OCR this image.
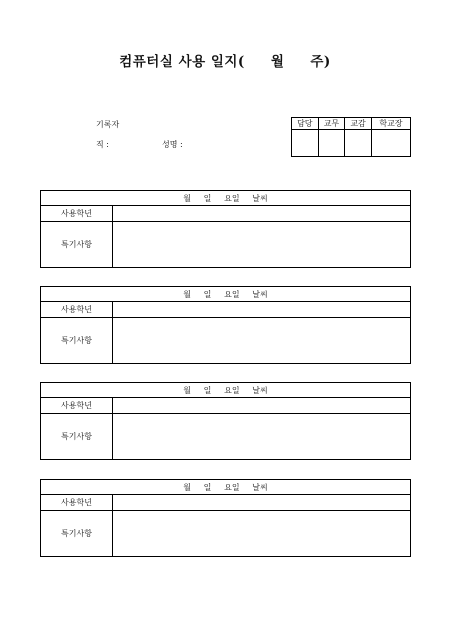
컴퓨터실 사용 일지(     월     주)
기록자
직 :	성명 :
담당	교무	교감	학교장

월     일     요일     날씨	
사용학년	
특기사항	
월     일     요일     날씨	
사용학년	
특기사항	
월     일     요일     날씨	
사용학년	
특기사항	
월     일     요일     날씨	
사용학년	
특기사항	
